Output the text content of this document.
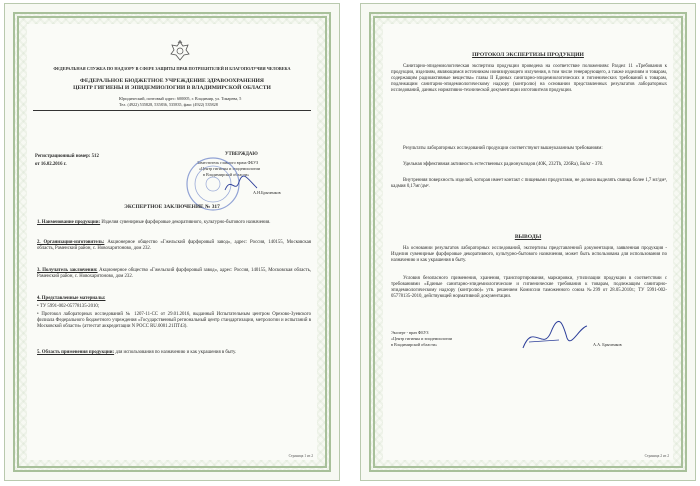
ФЕДЕРАЛЬНАЯ СЛУЖБА ПО НАДЗОРУ В СФЕРЕ ЗАЩИТЫ ПРАВ ПОТРЕБИТЕЛЕЙ И БЛАГОПОЛУЧИЯ ЧЕЛОВЕКА

ФЕДЕРАЛЬНОЕ БЮДЖЕТНОЕ УЧРЕЖДЕНИЕ ЗДРАВООХРАНЕНИЯ

ЦЕНТР ГИГИЕНЫ И ЭПИДЕМИОЛОГИИ В ВЛАДИМИРСКОЙ ОБЛАСТИ

Юридический, почтовый адрес: 600005, г. Владимир, ул. Токарева, 5

Тел. (4922) 535828, 535836, 535835, факс (4922) 535828

Регистрационный номер: 512

от 16.02.2016 г.

УТВЕРЖДАЮ

Заместитель главного врача ФБУЗ

«Центр гигиены и эпидемиологии

в Владимирской области»

А.Н.Брыченков

ЭКСПЕРТНОЕ ЗАКЛЮЧЕНИЕ № 317

1. Наименование продукции: Изделия сувенирные фарфоровые декоративного, культурно-бытового назначения.
2. Организация-изготовитель: Акционерное общество «Гжельский фарфоровый завод», адрес: Россия, 140155, Московская область, Раменский район, с. Новохаритоново, дом 232.
3. Получатель заключения: Акционерное общество «Гжельский фарфоровый завод», адрес: Россия, 140155, Московская область, Раменский район, с. Новохаритоново, дом 232.
4. Представленные материалы:

• ТУ 5991-002-05778135-2010;

• Протокол лабораторных исследований № 1207-11-СС от 29.01.2016, выданный Испытательным центром Орехово-Зуевского филиала Федерального бюджетного учреждения «Государственный региональный центр стандартизации, метрологии и испытаний в Московской области» (аттестат аккредитации N РОСС RU.0001.21ПТ43).

5. Область применения продукции: для использования по назначению и как украшения в быту.

Страница 1 из 2

ПРОТОКОЛ ЭКСПЕРТИЗЫ ПРОДУКЦИИ

Санитарно-эпидемиологическая экспертиза продукции проведена на соответствие положениям: Раздел 11 «Требования к продукции, изделиям, являющимся источником ионизирующего излучения, в том числе генерирующего, а также изделиям и товарам, содержащим радиоактивные вещества» главы II Единых санитарно-эпидемиологических и гигиенических требований к товарам, подлежащим санитарно-эпидемиологическому надзору (контролю) на основании представленных результатов лабораторных исследований, данных нормативно-технической документации изготовителя продукции.

Результаты лабораторных исследований продукции соответствуют вышеуказанным требованиям:

Удельная эффективная активность естественных радионуклидов (40K, 232Th, 226Ra), Бк/кг - 370.

Внутренняя поверхность изделий, которая имеет контакт с пищевыми продуктами, не должна выделять свинца более 1,7 мг/дм², кадмия 0,17мг/дм².

ВЫВОДЫ

На основании результатов лабораторных исследований, экспертизы представленной документации, заявленная продукция - Изделия сувенирные фарфоровые декоративного, культурно-бытового назначения, может быть использована для использования по назначению и как украшения в быту.

Условия безопасного применения, хранения, транспортирования, маркировки, утилизации продукции в соответствии с требованиями «Единые санитарно-эпидемиологические и гигиенические требования к товарам, подлежащим санитарно-эпидемиологическому надзору (контролю)» утв. решением Комиссии таможенного союза №299 от 28.05.2010г.; ТУ 5991-002-05778135-2010, действующей нормативной документации.

Эксперт - врач ФБУЗ

«Центр гигиены и эпидемиологии

в Владимирской области»	А.А. Брыченков

Страница 2 из 2
